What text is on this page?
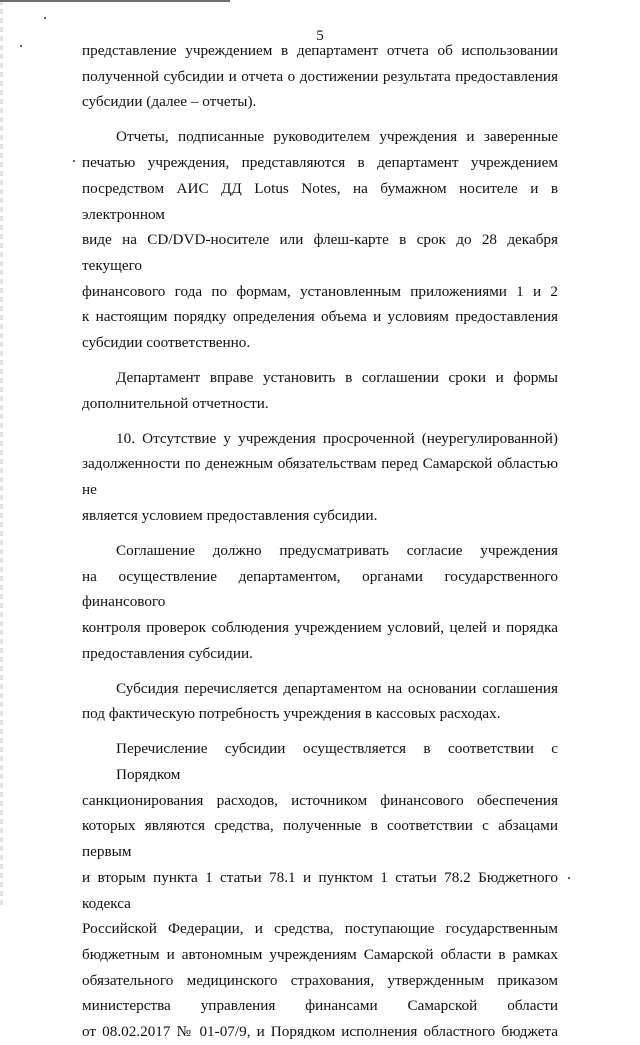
5
представление учреждением в департамент отчета об использовании
полученной субсидии и отчета о достижении результата предоставления
субсидии (далее – отчеты).
Отчеты, подписанные руководителем учреждения и заверенные
печатью учреждения, представляются в департамент учреждением
посредством АИС ДД Lotus Notes, на бумажном носителе и в электронном
виде на CD/DVD-носителе или флеш-карте в срок до 28 декабря текущего
финансового года по формам, установленным приложениями 1 и 2
к настоящим порядку определения объема и условиям предоставления
субсидии соответственно.
Департамент вправе установить в соглашении сроки и формы
дополнительной отчетности.
10. Отсутствие у учреждения просроченной (неурегулированной)
задолженности по денежным обязательствам перед Самарской областью не
является условием предоставления субсидии.
Соглашение должно предусматривать согласие учреждения
на осуществление департаментом, органами государственного финансового
контроля проверок соблюдения учреждением условий, целей и порядка
предоставления субсидии.
Субсидия перечисляется департаментом на основании соглашения
под фактическую потребность учреждения в кассовых расходах.
Перечисление субсидии осуществляется в соответствии с Порядком
санкционирования расходов, источником финансового обеспечения
которых являются средства, полученные в соответствии с абзацами первым
и вторым пункта 1 статьи 78.1 и пунктом 1 статьи 78.2 Бюджетного кодекса
Российской Федерации, и средства, поступающие государственным
бюджетным и автономным учреждениям Самарской области в рамках
обязательного медицинского страхования, утвержденным приказом
министерства управления финансами Самарской области
от 08.02.2017 № 01-07/9, и Порядком исполнения областного бюджета
